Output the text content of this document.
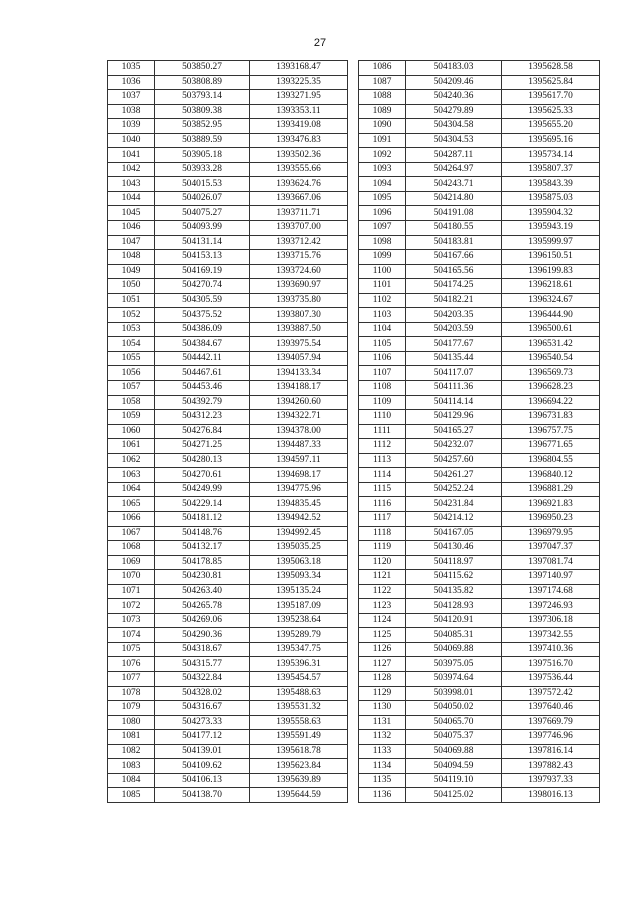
27
1035	503850.27	1393168.47
1036	503808.89	1393225.35
1037	503793.14	1393271.95
1038	503809.38	1393353.11
1039	503852.95	1393419.08
1040	503889.59	1393476.83
1041	503905.18	1393502.36
1042	503933.28	1393555.66
1043	504015.53	1393624.76
1044	504026.07	1393667.06
1045	504075.27	1393711.71
1046	504093.99	1393707.00
1047	504131.14	1393712.42
1048	504153.13	1393715.76
1049	504169.19	1393724.60
1050	504270.74	1393690.97
1051	504305.59	1393735.80
1052	504375.52	1393807.30
1053	504386.09	1393887.50
1054	504384.67	1393975.54
1055	504442.11	1394057.94
1056	504467.61	1394133.34
1057	504453.46	1394188.17
1058	504392.79	1394260.60
1059	504312.23	1394322.71
1060	504276.84	1394378.00
1061	504271.25	1394487.33
1062	504280.13	1394597.11
1063	504270.61	1394698.17
1064	504249.99	1394775.96
1065	504229.14	1394835.45
1066	504181.12	1394942.52
1067	504148.76	1394992.45
1068	504132.17	1395035.25
1069	504178.85	1395063.18
1070	504230.81	1395093.34
1071	504263.40	1395135.24
1072	504265.78	1395187.09
1073	504269.06	1395238.64
1074	504290.36	1395289.79
1075	504318.67	1395347.75
1076	504315.77	1395396.31
1077	504322.84	1395454.57
1078	504328.02	1395488.63
1079	504316.67	1395531.32
1080	504273.33	1395558.63
1081	504177.12	1395591.49
1082	504139.01	1395618.78
1083	504109.62	1395623.84
1084	504106.13	1395639.89
1085	504138.70	1395644.59
1086	504183.03	1395628.58
1087	504209.46	1395625.84
1088	504240.36	1395617.70
1089	504279.89	1395625.33
1090	504304.58	1395655.20
1091	504304.53	1395695.16
1092	504287.11	1395734.14
1093	504264.97	1395807.37
1094	504243.71	1395843.39
1095	504214.80	1395875.03
1096	504191.08	1395904.32
1097	504180.55	1395943.19
1098	504183.81	1395999.97
1099	504167.66	1396150.51
1100	504165.56	1396199.83
1101	504174.25	1396218.61
1102	504182.21	1396324.67
1103	504203.35	1396444.90
1104	504203.59	1396500.61
1105	504177.67	1396531.42
1106	504135.44	1396540.54
1107	504117.07	1396569.73
1108	504111.36	1396628.23
1109	504114.14	1396694.22
1110	504129.96	1396731.83
1111	504165.27	1396757.75
1112	504232.07	1396771.65
1113	504257.60	1396804.55
1114	504261.27	1396840.12
1115	504252.24	1396881.29
1116	504231.84	1396921.83
1117	504214.12	1396950.23
1118	504167.05	1396979.95
1119	504130.46	1397047.37
1120	504118.97	1397081.74
1121	504115.62	1397140.97
1122	504135.82	1397174.68
1123	504128.93	1397246.93
1124	504120.91	1397306.18
1125	504085.31	1397342.55
1126	504069.88	1397410.36
1127	503975.05	1397516.70
1128	503974.64	1397536.44
1129	503998.01	1397572.42
1130	504050.02	1397640.46
1131	504065.70	1397669.79
1132	504075.37	1397746.96
1133	504069.88	1397816.14
1134	504094.59	1397882.43
1135	504119.10	1397937.33
1136	504125.02	1398016.13
